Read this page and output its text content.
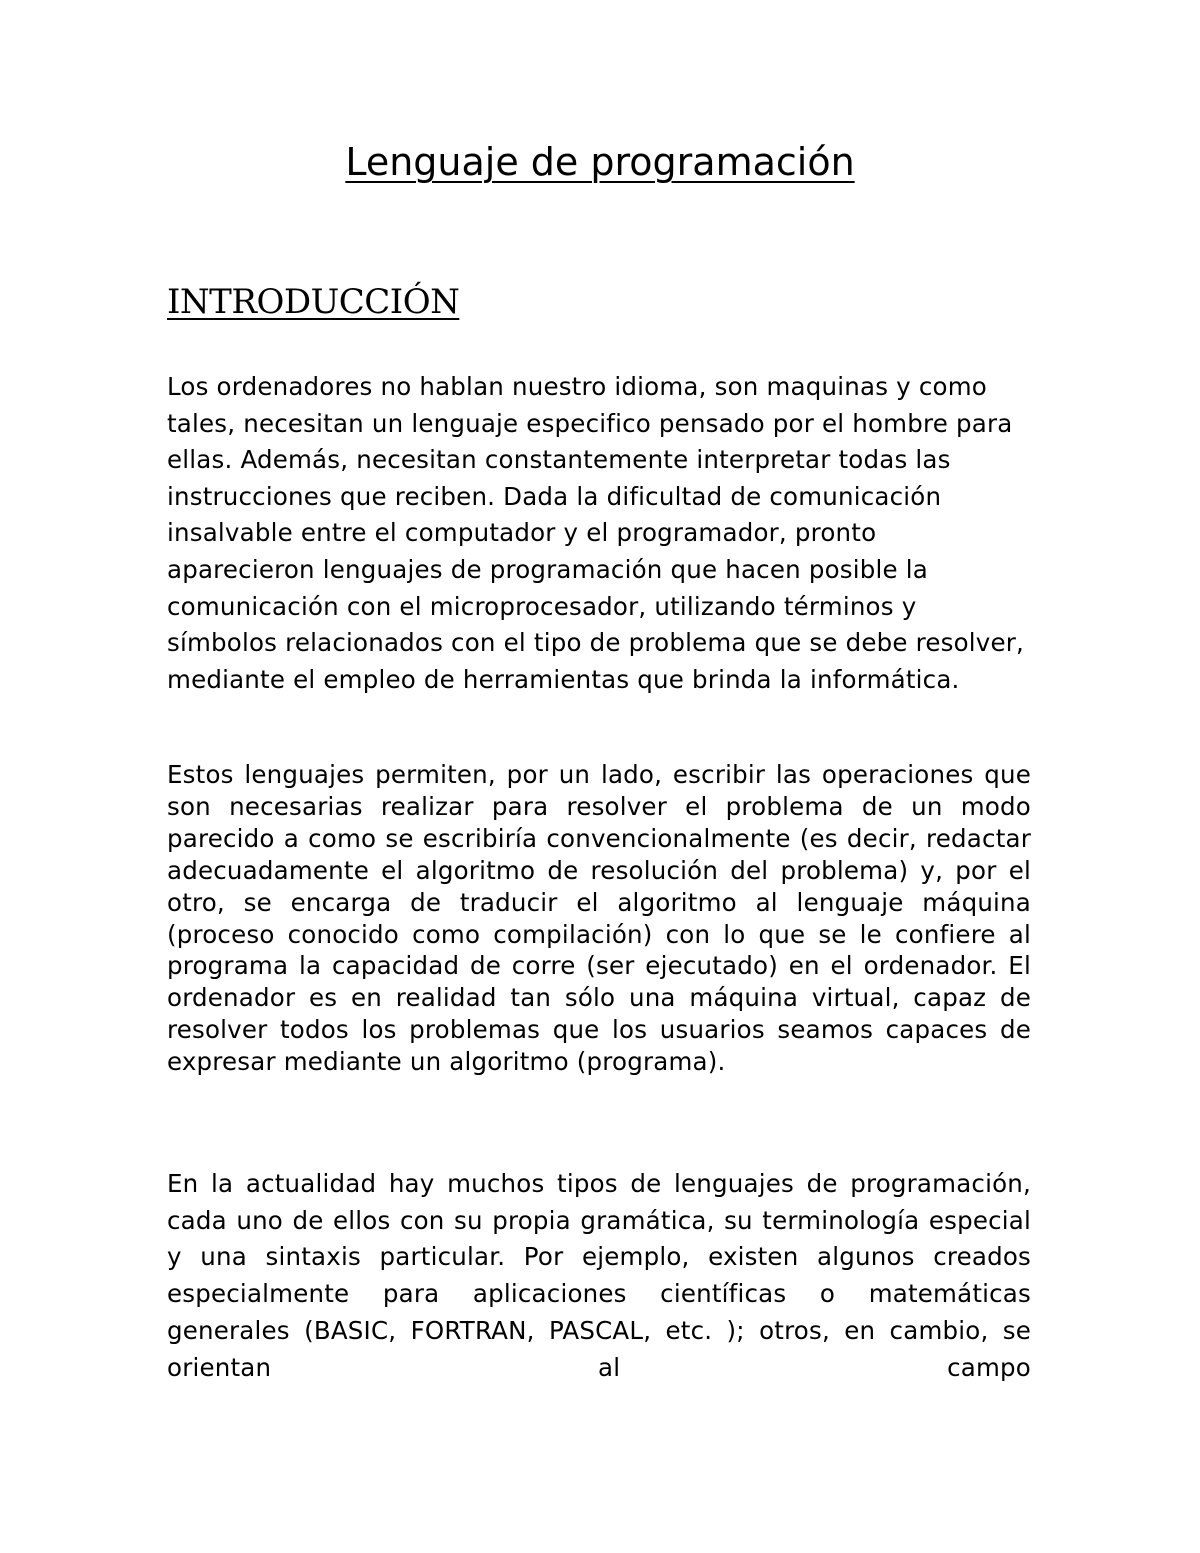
Lenguaje de programación
INTRODUCCIÓN

Los ordenadores no hablan nuestro idioma, son maquinas y como tales, necesitan un lenguaje especifico pensado por el hombre para ellas. Además, necesitan constantemente interpretar todas las instrucciones que reciben. Dada la dificultad de comunicación insalvable entre el computador y el programador, pronto aparecieron lenguajes de programación que hacen posible la comunicación con el microprocesador, utilizando términos y símbolos relacionados con el tipo de problema que se debe resolver, mediante el empleo de herramientas que brinda la informática.

Estos lenguajes permiten, por un lado, escribir las operaciones que son necesarias realizar para resolver el problema de un modo parecido a como se escribiría convencionalmente (es decir, redactar adecuadamente el algoritmo de resolución del problema) y, por el otro, se encarga de traducir el algoritmo al lenguaje máquina (proceso conocido como compilación) con lo que se le confiere al programa la capacidad de corre (ser ejecutado) en el ordenador. El ordenador es en realidad tan sólo una máquina virtual, capaz de resolver todos los problemas que los usuarios seamos capaces de expresar mediante un algoritmo (programa).

En la actualidad hay muchos tipos de lenguajes de programación, cada uno de ellos con su propia gramática, su terminología especial y una sintaxis particular. Por ejemplo, existen algunos creados especialmente para aplicaciones científicas o matemáticas generales (BASIC, FORTRAN, PASCAL, etc. ); otros, en cambio, se orientan al campo
